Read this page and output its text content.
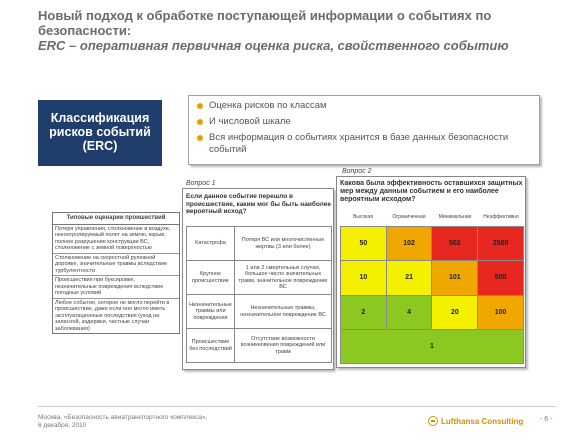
Новый подход к обработке поступающей информации о событиях по
безопасности:
ERC – оперативная первичная оценка риска, свойственного событию
Классификация
рисков событий
(ERC)
Оценка рисков по классам
И числовой шкале
Вся информация о событиях хранится в базе данных безопасности событий
Вопрос 1
Вопрос 2
Типовые оценарии проишествий
Потеря управления, столкновение в воздухе, неконтролируемый полет на землю, взрыв, полное разрушение конструкции ВС, столкновение с земной поверхностью
Столкновение на скоростной рулежной дорожке, значительные травмы вследствие турбулентности
Происшествия при буксировке, незначительные повреждения вследствие погодных условий
Любое событие, которое не могло перейти в происшествие, даже если оно могло иметь эксплуатационные последствия (уход на запасной, задержки, частные случаи заболевания)
Если данное событие перешло в происшествие, каким мог бы быть наиболее вероятный исход?
Катастрофа	Потеря ВС или многочисленные жертвы (3 или более)
Крупное происшествие	1 или 2 смертельных случая, большое число значительных травм, значительное повреждение ВС
Незначительные травмы или повреждения	Незначительные травмы, незначительное повреждение ВС
Происшествие без последствий	Отсутствие возможности возникновения повреждений или травм
Какова была эффективность оставшихся защитных мер между данным событием и его наиболее вероятным исходом?
Высокая	Ограниченная	Минимальная	Неэффективно
50	102	502	2500
10	21	101	500
2	4	20	100
1			
Москва, «Безопасность авиатранспортного комплекса»,
6 декабря, 2010	Lufthansa Consulting - 6 -
